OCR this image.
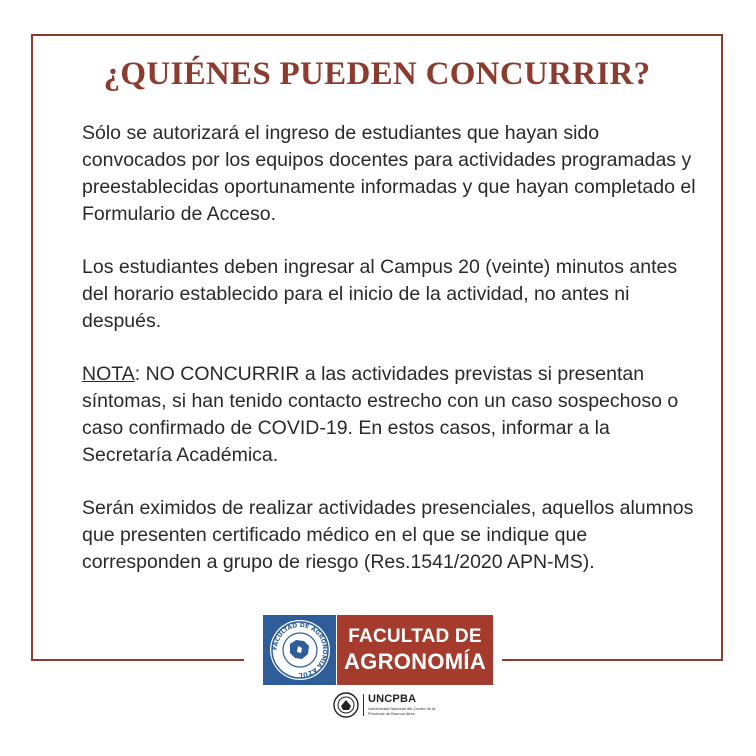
¿QUIÉNES PUEDEN CONCURRIR?

Sólo se autorizará el ingreso de estudiantes que hayan sido convocados por los equipos docentes para actividades programadas y preestablecidas oportunamente informadas y que hayan completado el Formulario de Acceso.

Los estudiantes deben ingresar al Campus 20 (veinte) minutos antes del horario establecido para el inicio de la actividad, no antes ni después.

NOTA: NO CONCURRIR a las actividades previstas si presentan síntomas, si han tenido contacto estrecho con un caso sospechoso o caso confirmado de COVID-19. En estos casos, informar a la Secretaría Académica.

Serán eximidos de realizar actividades presenciales, aquellos alumnos que presenten certificado médico en el que se indique que corresponden a grupo de riesgo (Res.1541/2020 APN-MS).

FACULTAD DE AGRONOMIA AZUL
FACULTAD DE
AGRONOMÍA
UNCPBA
Universidad Nacional del Centro de la Provincia de Buenos Aires
